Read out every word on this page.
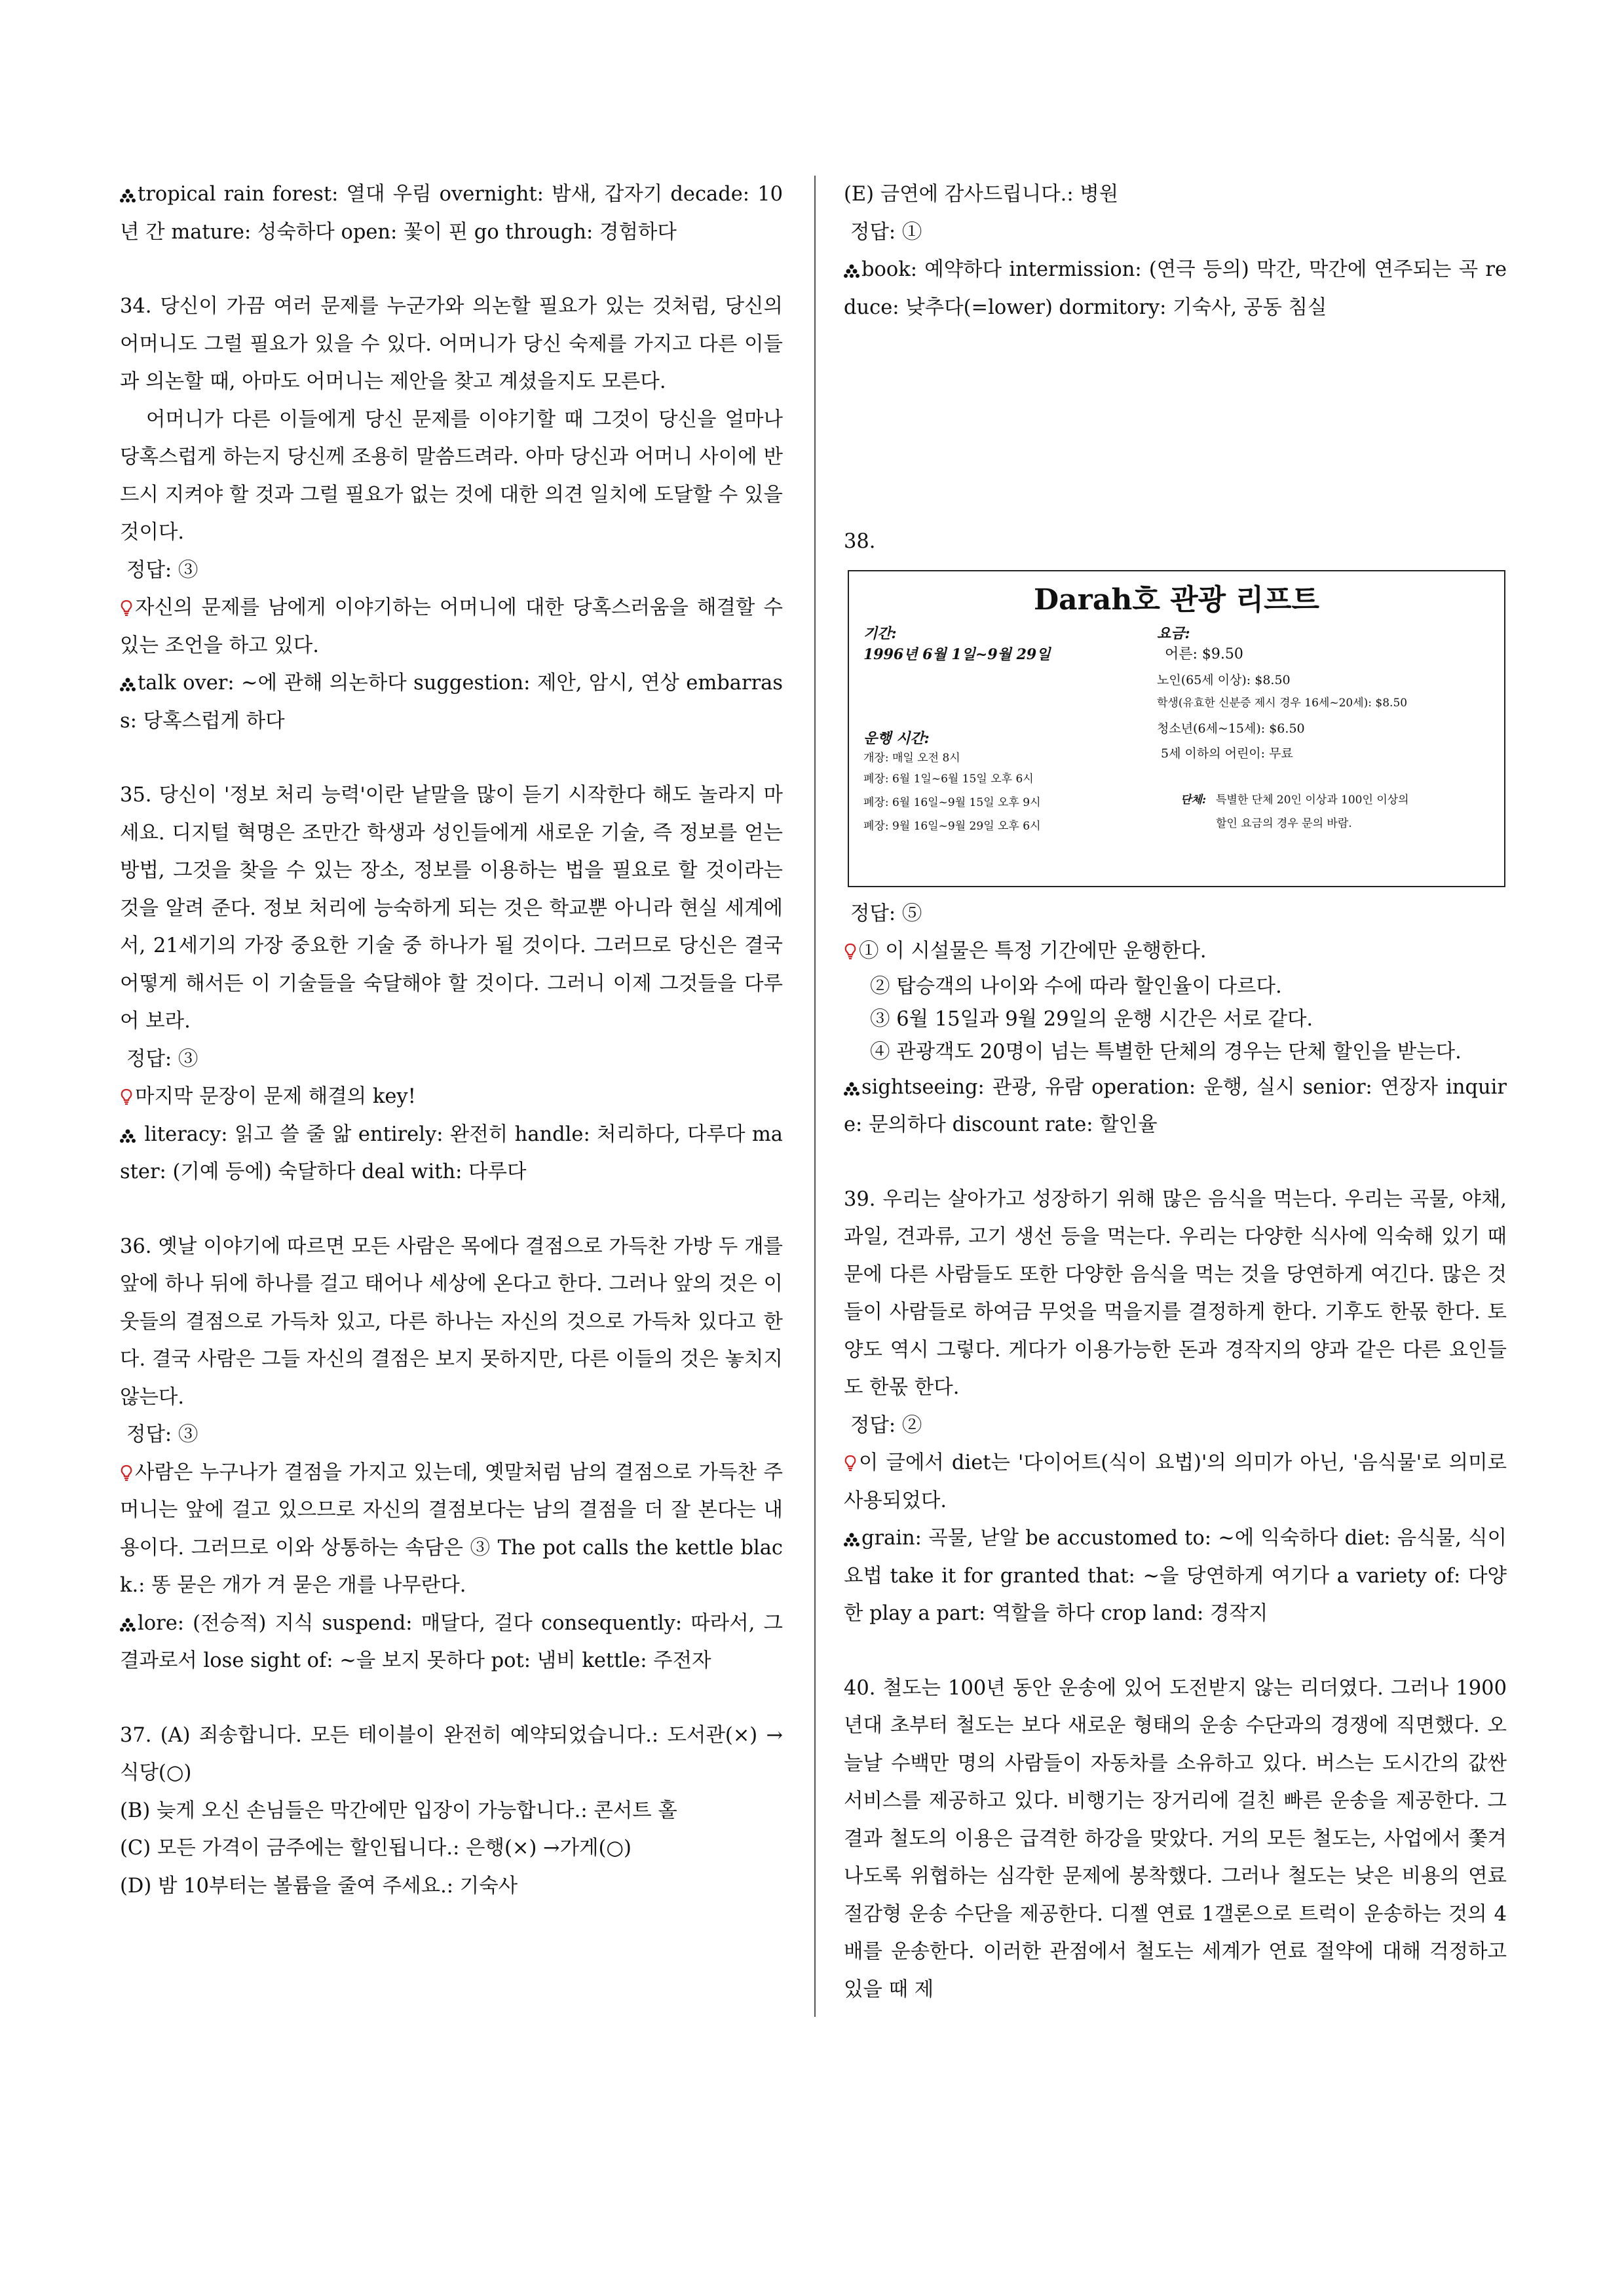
tropical rain forest: 열대 우림 overnight: 밤새, 갑자기 decade: 10년 간 mature: 성숙하다 open: 꽃이 핀 go through: 경험하다

34. 당신이 가끔 여러 문제를 누군가와 의논할 필요가 있는 것처럼, 당신의 어머니도 그럴 필요가 있을 수 있다. 어머니가 당신 숙제를 가지고 다른 이들과 의논할 때, 아마도 어머니는 제안을 찾고 계셨을지도 모른다.

어머니가 다른 이들에게 당신 문제를 이야기할 때 그것이 당신을 얼마나 당혹스럽게 하는지 당신께 조용히 말씀드려라. 아마 당신과 어머니 사이에 반드시 지켜야 할 것과 그럴 필요가 없는 것에 대한 의견 일치에 도달할 수 있을 것이다.

정답: ③

자신의 문제를 남에게 이야기하는 어머니에 대한 당혹스러움을 해결할 수 있는 조언을 하고 있다.

talk over: ~에 관해 의논하다 suggestion: 제안, 암시, 연상 embarrass: 당혹스럽게 하다

35. 당신이 '정보 처리 능력'이란 낱말을 많이 듣기 시작한다 해도 놀라지 마세요. 디지털 혁명은 조만간 학생과 성인들에게 새로운 기술, 즉 정보를 얻는 방법, 그것을 찾을 수 있는 장소, 정보를 이용하는 법을 필요로 할 것이라는 것을 알려 준다. 정보 처리에 능숙하게 되는 것은 학교뿐 아니라 현실 세계에서, 21세기의 가장 중요한 기술 중 하나가 될 것이다. 그러므로 당신은 결국 어떻게 해서든 이 기술들을 숙달해야 할 것이다. 그러니 이제 그것들을 다루어 보라.

정답: ③

마지막 문장이 문제 해결의 key!

literacy: 읽고 쓸 줄 앎 entirely: 완전히 handle: 처리하다, 다루다 master: (기예 등에) 숙달하다 deal with: 다루다

36. 옛날 이야기에 따르면 모든 사람은 목에다 결점으로 가득찬 가방 두 개를 앞에 하나 뒤에 하나를 걸고 태어나 세상에 온다고 한다. 그러나 앞의 것은 이웃들의 결점으로 가득차 있고, 다른 하나는 자신의 것으로 가득차 있다고 한다. 결국 사람은 그들 자신의 결점은 보지 못하지만, 다른 이들의 것은 놓치지 않는다.

정답: ③

사람은 누구나가 결점을 가지고 있는데, 옛말처럼 남의 결점으로 가득찬 주머니는 앞에 걸고 있으므로 자신의 결점보다는 남의 결점을 더 잘 본다는 내용이다. 그러므로 이와 상통하는 속담은 ③ The pot calls the kettle black.: 똥 묻은 개가 겨 묻은 개를 나무란다.

lore: (전승적) 지식 suspend: 매달다, 걸다 consequently: 따라서, 그 결과로서 lose sight of: ~을 보지 못하다 pot: 냄비 kettle: 주전자

37. (A) 죄송합니다. 모든 테이블이 완전히 예약되었습니다.: 도서관(×) →식당(○)

(B) 늦게 오신 손님들은 막간에만 입장이 가능합니다.: 콘서트 홀

(C) 모든 가격이 금주에는 할인됩니다.: 은행(×) →가게(○)

(D) 밤 10부터는 볼륨을 줄여 주세요.: 기숙사

(E) 금연에 감사드립니다.: 병원

정답: ①

book: 예약하다 intermission: (연극 등의) 막간, 막간에 연주되는 곡 reduce: 낮추다(=lower) dormitory: 기숙사, 공동 침실

38.

Darah호 관광 리프트
기간:
1996년 6월 1일~9월 29일
운행 시간:
개장: 매일 오전 8시
폐장: 6월 1일~6월 15일 오후 6시
폐장: 6월 16일~9월 15일 오후 9시
폐장: 9월 16일~9월 29일 오후 6시
요금:
어른: $9.50
노인(65세 이상): $8.50
학생(유효한 신분증 제시 경우 16세~20세): $8.50
청소년(6세~15세): $6.50
5세 이하의 어린이: 무료
단체: 특별한 단체 20인 이상과 100인 이상의
할인 요금의 경우 문의 바람.

정답: ⑤

① 이 시설물은 특정 기간에만 운행한다.

② 탑승객의 나이와 수에 따라 할인율이 다르다.

③ 6월 15일과 9월 29일의 운행 시간은 서로 같다.

④ 관광객도 20명이 넘는 특별한 단체의 경우는 단체 할인을 받는다.

sightseeing: 관광, 유람 operation: 운행, 실시 senior: 연장자 inquire: 문의하다 discount rate: 할인율

39. 우리는 살아가고 성장하기 위해 많은 음식을 먹는다. 우리는 곡물, 야채, 과일, 견과류, 고기 생선 등을 먹는다. 우리는 다양한 식사에 익숙해 있기 때문에 다른 사람들도 또한 다양한 음식을 먹는 것을 당연하게 여긴다. 많은 것들이 사람들로 하여금 무엇을 먹을지를 결정하게 한다. 기후도 한몫 한다. 토양도 역시 그렇다. 게다가 이용가능한 돈과 경작지의 양과 같은 다른 요인들도 한몫 한다.

정답: ②

이 글에서 diet는 '다이어트(식이 요법)'의 의미가 아닌, '음식물'로 의미로 사용되었다.

grain: 곡물, 낟알 be accustomed to: ~에 익숙하다 diet: 음식물, 식이 요법 take it for granted that: ~을 당연하게 여기다 a variety of: 다양한 play a part: 역할을 하다 crop land: 경작지

40. 철도는 100년 동안 운송에 있어 도전받지 않는 리더였다. 그러나 1900년대 초부터 철도는 보다 새로운 형태의 운송 수단과의 경쟁에 직면했다. 오늘날 수백만 명의 사람들이 자동차를 소유하고 있다. 버스는 도시간의 값싼 서비스를 제공하고 있다. 비행기는 장거리에 걸친 빠른 운송을 제공한다. 그 결과 철도의 이용은 급격한 하강을 맞았다. 거의 모든 철도는, 사업에서 쫓겨나도록 위협하는 심각한 문제에 봉착했다. 그러나 철도는 낮은 비용의 연료 절감형 운송 수단을 제공한다. 디젤 연료 1갤론으로 트럭이 운송하는 것의 4배를 운송한다. 이러한 관점에서 철도는 세계가 연료 절약에 대해 걱정하고 있을 때 제
